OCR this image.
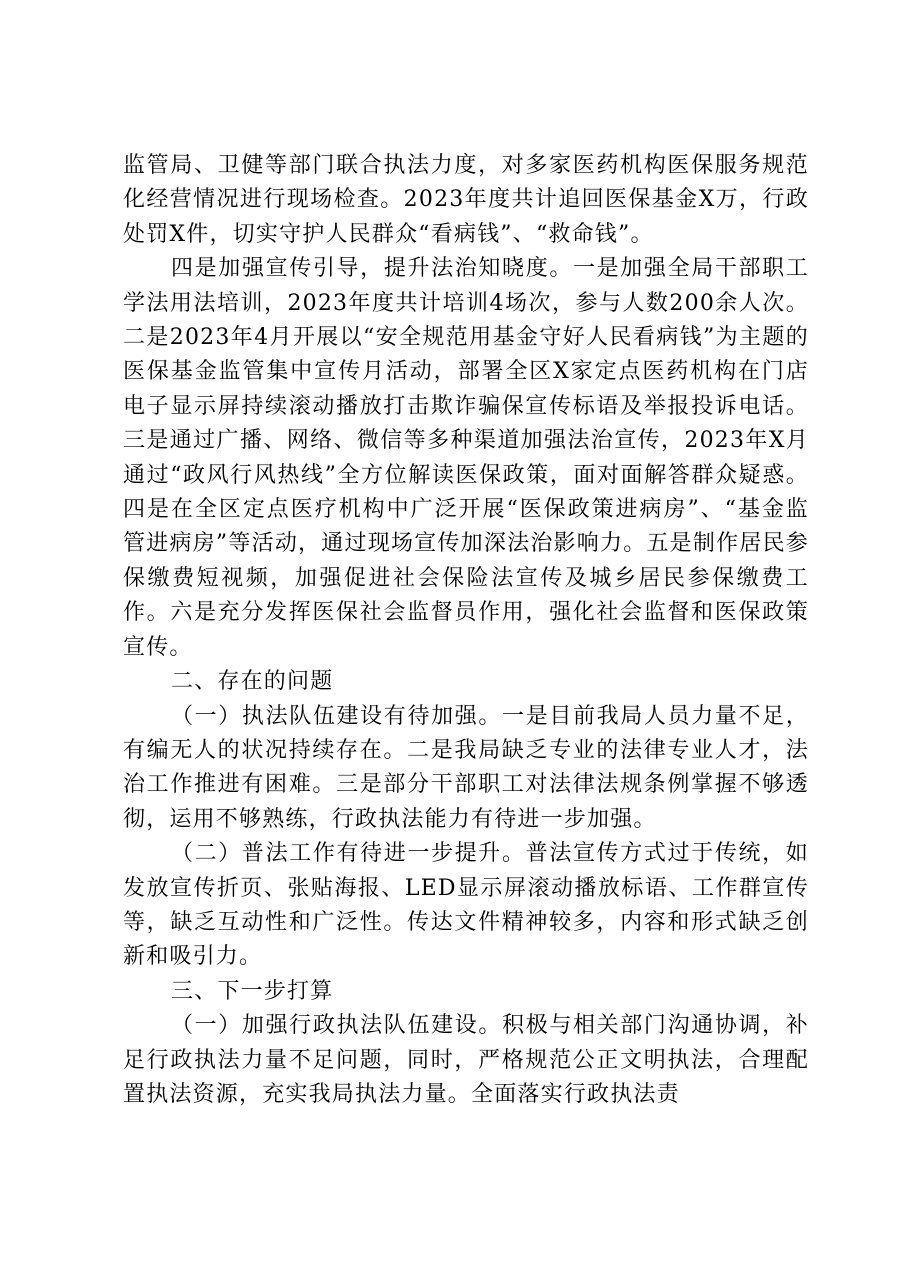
监管局、卫健等部门联合执法力度，对多家医药机构医保服务规范化经营情况进行现场检查。2023年度共计追回医保基金X万，行政处罚X件，切实守护人民群众“看病钱”、“救命钱”。

四是加强宣传引导，提升法治知晓度。一是加强全局干部职工学法用法培训，2023年度共计培训4场次，参与人数200余人次。二是2023年4月开展以“安全规范用基金守好人民看病钱”为主题的医保基金监管集中宣传月活动，部署全区X家定点医药机构在门店电子显示屏持续滚动播放打击欺诈骗保宣传标语及举报投诉电话。三是通过广播、网络、微信等多种渠道加强法治宣传，2023年X月通过“政风行风热线”全方位解读医保政策，面对面解答群众疑惑。四是在全区定点医疗机构中广泛开展“医保政策进病房”、“基金监管进病房”等活动，通过现场宣传加深法治影响力。五是制作居民参保缴费短视频，加强促进社会保险法宣传及城乡居民参保缴费工作。六是充分发挥医保社会监督员作用，强化社会监督和医保政策宣传。

二、存在的问题

（一）执法队伍建设有待加强。一是目前我局人员力量不足，有编无人的状况持续存在。二是我局缺乏专业的法律专业人才，法治工作推进有困难。三是部分干部职工对法律法规条例掌握不够透彻，运用不够熟练，行政执法能力有待进一步加强。

（二）普法工作有待进一步提升。普法宣传方式过于传统，如发放宣传折页、张贴海报、LED显示屏滚动播放标语、工作群宣传等，缺乏互动性和广泛性。传达文件精神较多，内容和形式缺乏创新和吸引力。

三、下一步打算

（一）加强行政执法队伍建设。积极与相关部门沟通协调，补足行政执法力量不足问题，同时，严格规范公正文明执法，合理配置执法资源，充实我局执法力量。全面落实行政执法责
